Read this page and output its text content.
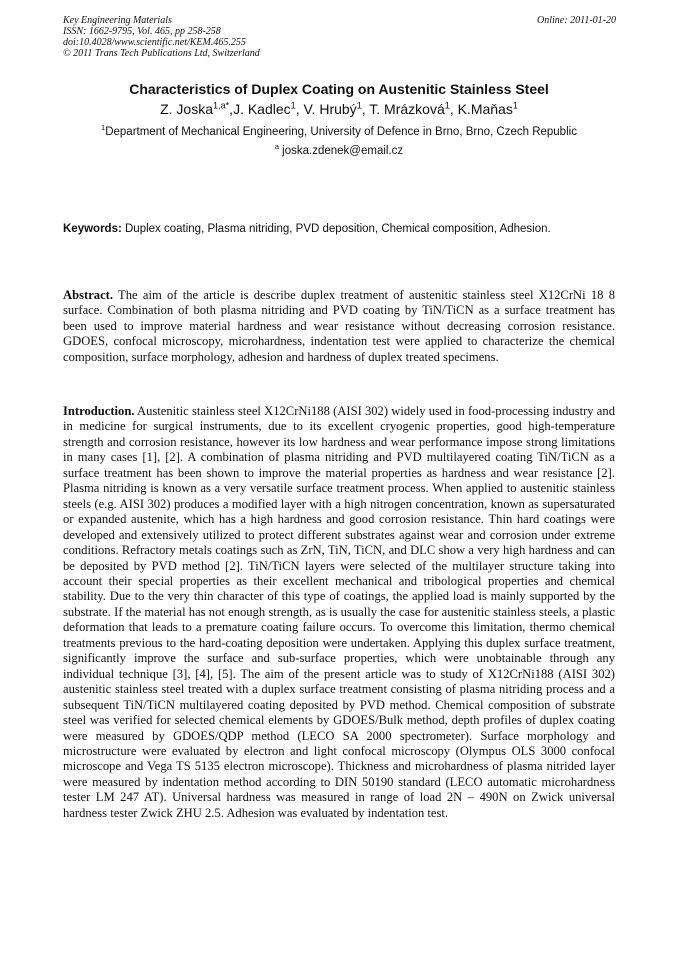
Key Engineering Materials
ISSN: 1662-9795, Vol. 465, pp 258-258
doi:10.4028/www.scientific.net/KEM.465.255
© 2011 Trans Tech Publications Ltd, Switzerland
Online: 2011-01-20
Characteristics of Duplex Coating on Austenitic Stainless Steel
Z. Joska$^{1,a*}$,J. Kadlec$^1$, V. Hrubý$^1$, T. Mrázková$^1$, K.Maňas$^1$
$^1$Department of Mechanical Engineering, University of Defence in Brno, Brno, Czech Republic
$^a$ joska.zdenek@email.cz
Keywords: Duplex coating, Plasma nitriding, PVD deposition, Chemical composition, Adhesion.

Abstract. The aim of the article is describe duplex treatment of austenitic stainless steel X12CrNi 18 8 surface. Combination of both plasma nitriding and PVD coating by TiN/TiCN as a surface treatment has been used to improve material hardness and wear resistance without decreasing corrosion resistance. GDOES, confocal microscopy, microhardness, indentation test were applied to characterize the chemical composition, surface morphology, adhesion and hardness of duplex treated specimens.

Introduction. Austenitic stainless steel X12CrNi188 (AISI 302) widely used in food-processing industry and in medicine for surgical instruments, due to its excellent cryogenic properties, good high-temperature strength and corrosion resistance, however its low hardness and wear performance impose strong limitations in many cases [1], [2]. A combination of plasma nitriding and PVD multilayered coating TiN/TiCN as a surface treatment has been shown to improve the material properties as hardness and wear resistance [2]. Plasma nitriding is known as a very versatile surface treatment process. When applied to austenitic stainless steels (e.g. AISI 302) produces a modified layer with a high nitrogen concentration, known as supersaturated or expanded austenite, which has a high hardness and good corrosion resistance. Thin hard coatings were developed and extensively utilized to protect different substrates against wear and corrosion under extreme conditions. Refractory metals coatings such as ZrN, TiN, TiCN, and DLC show a very high hardness and can be deposited by PVD method [2]. TiN/TiCN layers were selected of the multilayer structure taking into account their special properties as their excellent mechanical and tribological properties and chemical stability. Due to the very thin character of this type of coatings, the applied load is mainly supported by the substrate. If the material has not enough strength, as is usually the case for austenitic stainless steels, a plastic deformation that leads to a premature coating failure occurs. To overcome this limitation, thermo chemical treatments previous to the hard-coating deposition were undertaken. Applying this duplex surface treatment, significantly improve the surface and sub-surface properties, which were unobtainable through any individual technique [3], [4], [5]. The aim of the present article was to study of X12CrNi188 (AISI 302) austenitic stainless steel treated with a duplex surface treatment consisting of plasma nitriding process and a subsequent TiN/TiCN multilayered coating deposited by PVD method. Chemical composition of substrate steel was verified for selected chemical elements by GDOES/Bulk method, depth profiles of duplex coating were measured by GDOES/QDP method (LECO SA 2000 spectrometer). Surface morphology and microstructure were evaluated by electron and light confocal microscopy (Olympus OLS 3000 confocal microscope and Vega TS 5135 electron microscope). Thickness and microhardness of plasma nitrided layer were measured by indentation method according to DIN 50190 standard (LECO automatic microhardness tester LM 247 AT). Universal hardness was measured in range of load 2N – 490N on Zwick universal hardness tester Zwick ZHU 2.5. Adhesion was evaluated by indentation test.
